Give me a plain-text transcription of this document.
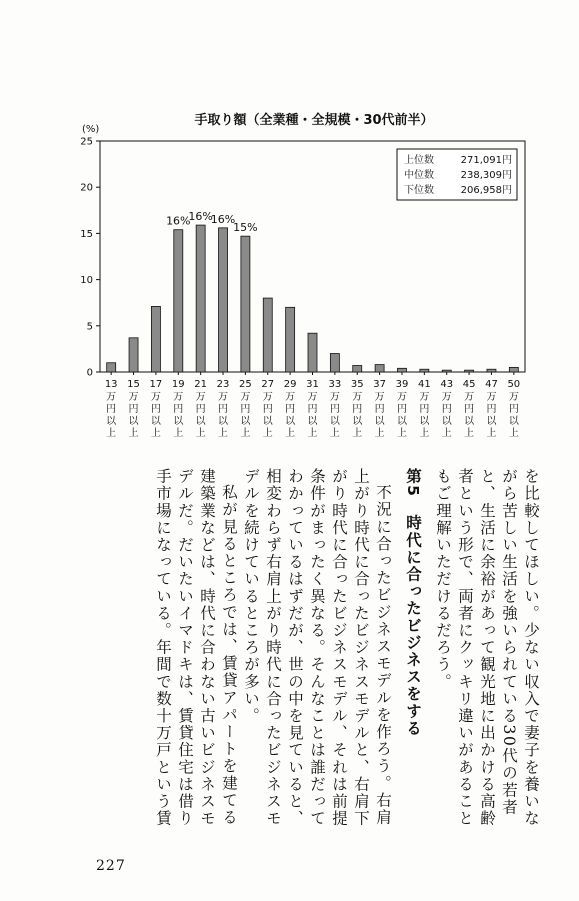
手取り額（全業種・全規模・30代前半）
(%)
0
5
10
15
20
25
16%
16%
16%
15%
13
万
円
以
上
15
万
円
以
上
17
万
円
以
上
19
万
円
以
上
21
万
円
以
上
23
万
円
以
上
25
万
円
以
上
27
万
円
以
上
29
万
円
以
上
31
万
円
以
上
33
万
円
以
上
35
万
円
以
上
37
万
円
以
上
39
万
円
以
上
41
万
円
以
上
43
万
円
以
上
45
万
円
以
上
47
万
円
以
上
50
万
円
以
上
上位数	271,091円
中位数	238,309円
下位数	206,958円

を比較してほしい。少ない収入で妻子を養いながら苦しい生活を強いられている30代の若者と、生活に余裕があって観光地に出かける高齢者という形で、両者にクッキリ違いがあることもご理解いただけるだろう。

第5　時代に合ったビジネスをする

不況に合ったビジネスモデルを作ろう。右肩上がり時代に合ったビジネスモデルと、右肩下がり時代に合ったビジネスモデル、それは前提条件がまったく異なる。そんなことは誰だってわかっているはずだが、世の中を見ていると、相変わらず右肩上がり時代に合ったビジネスモデルを続けているところが多い。

私が見るところでは、賃貸アパートを建てる建築業などは、時代に合わない古いビジネスモデルだ。だいたいイマドキは、賃貸住宅は借り手市場になっている。年間で数十万戸という賃

227
